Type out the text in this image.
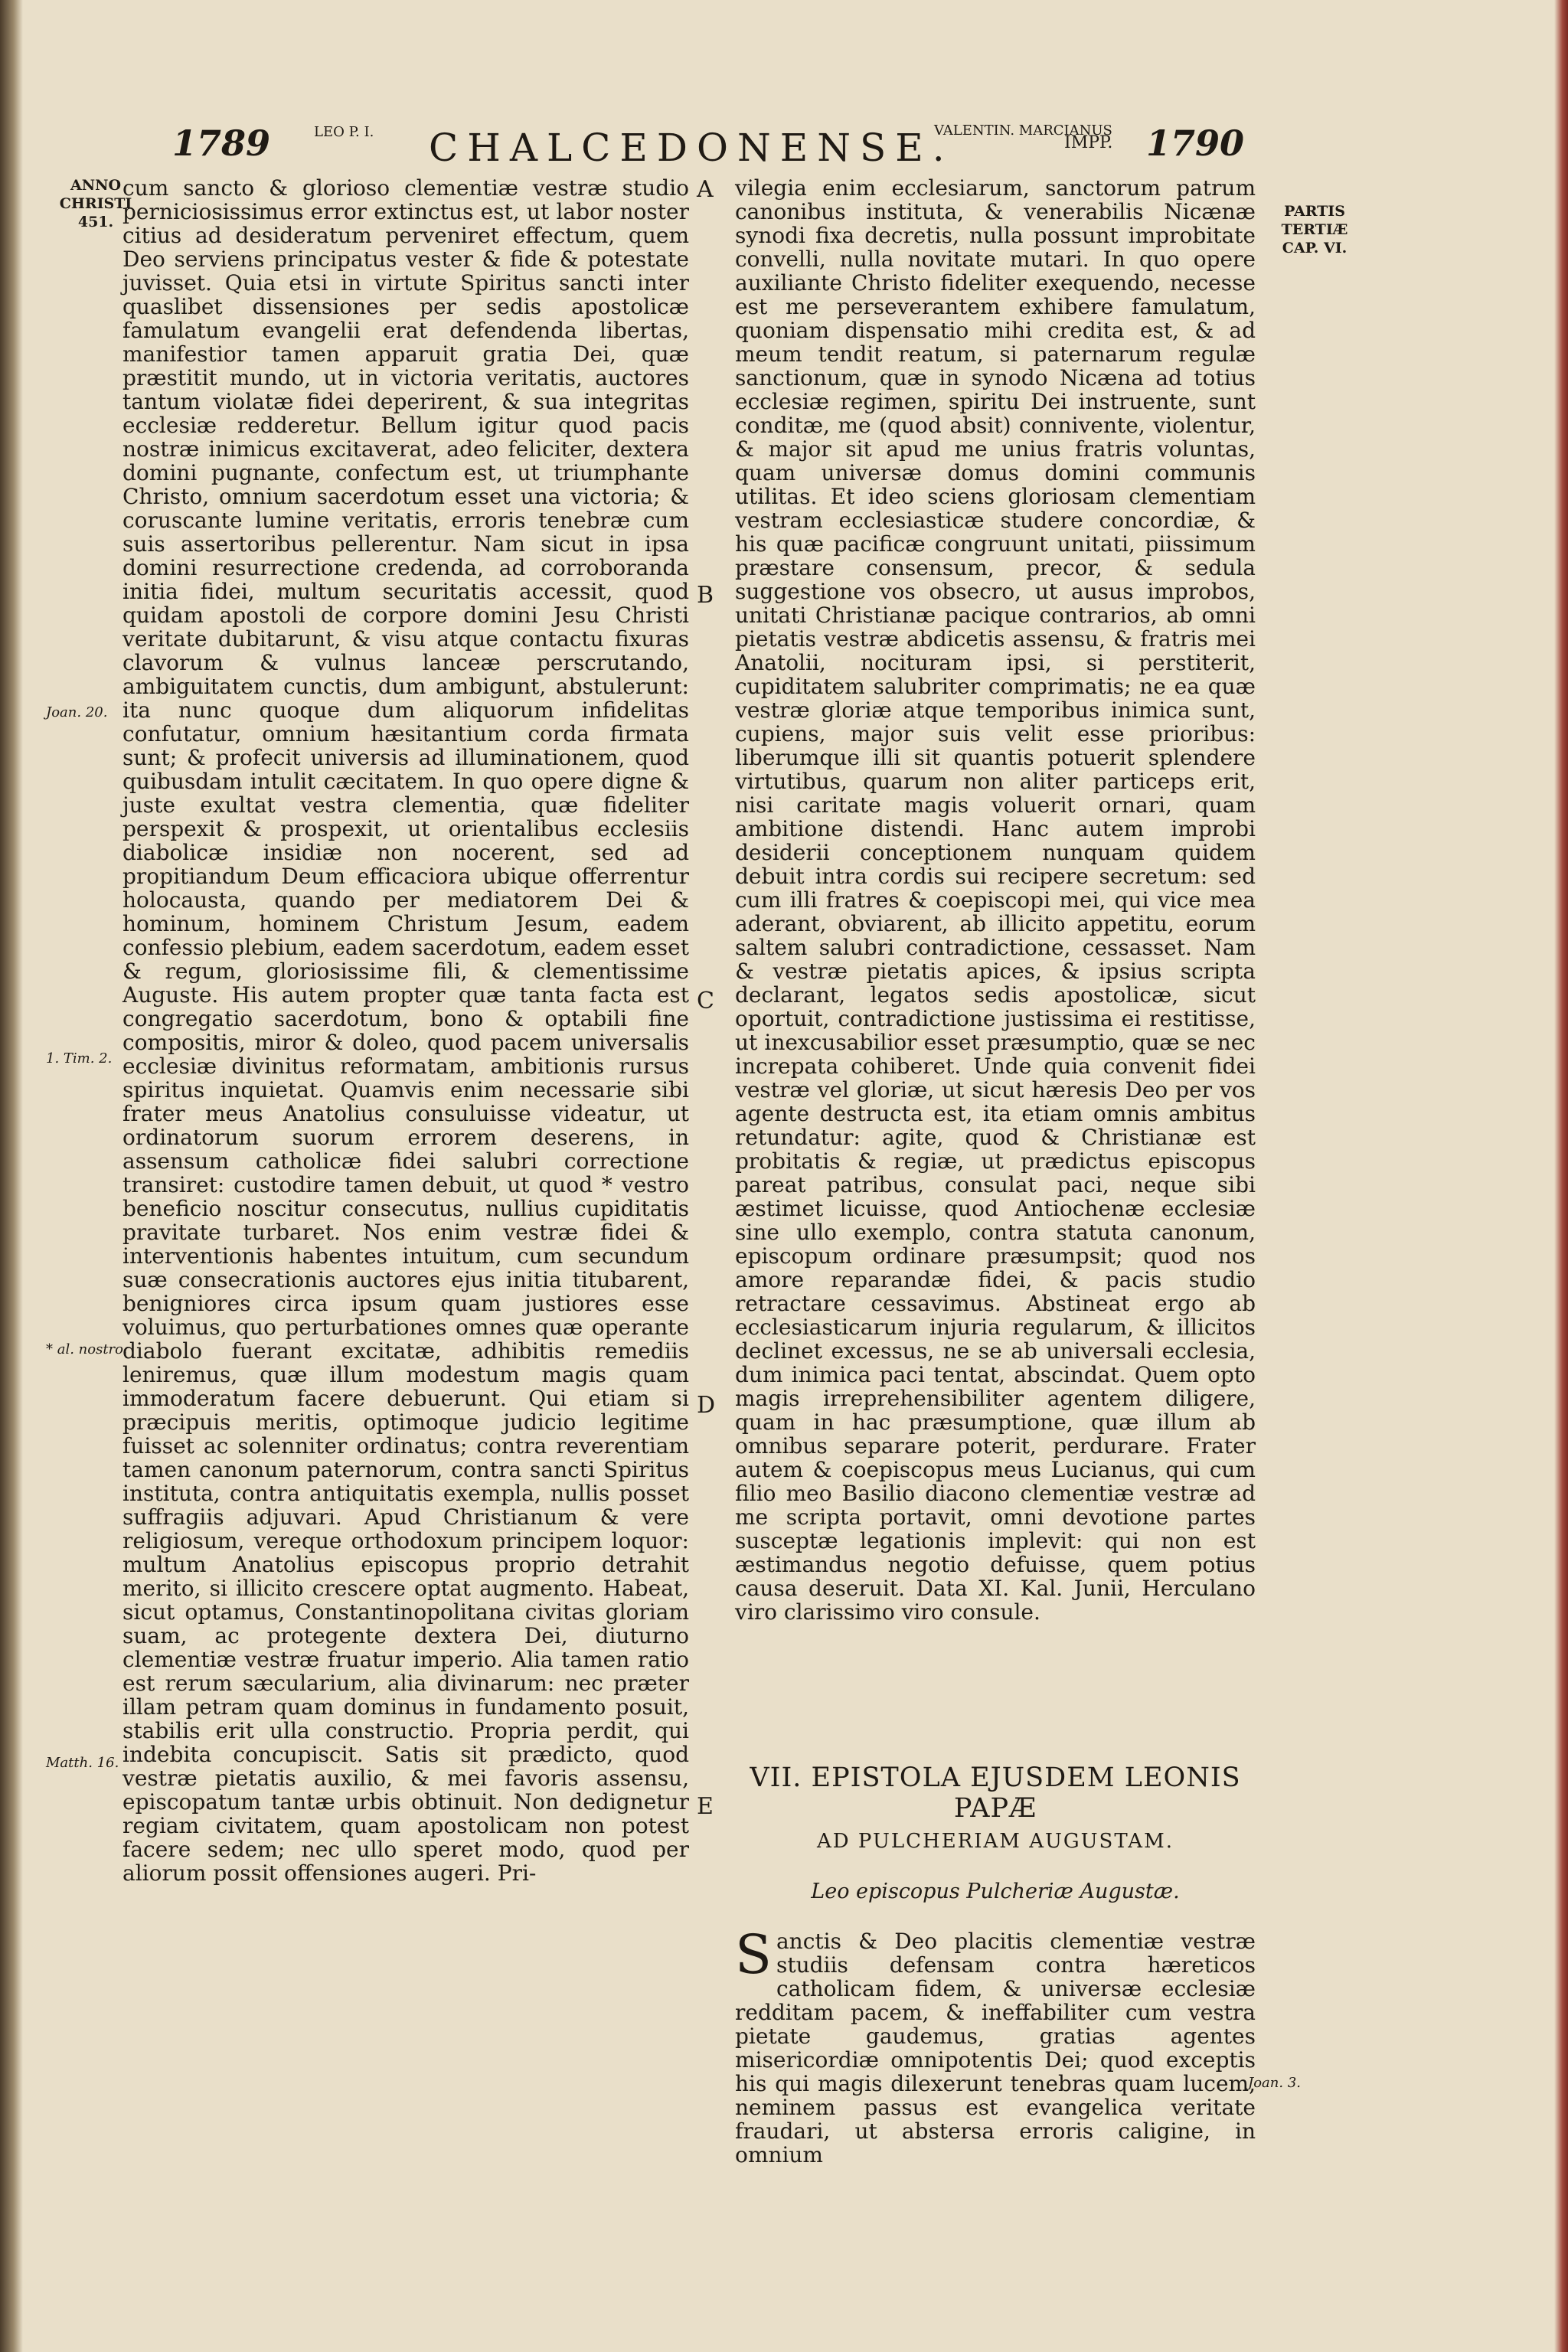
1789	LEO P. I. CHALCEDONENSE.
VALENTIN. MARCIANUS
IMPP. 1790
ANNO CHRISTI 451.
Joan. 20.
1. Tim. 2.
* al. nostro.
Matth. 16.
PARTIS TERTIÆ CAP. VI.
Joan. 3.
A
B
C
D
E

cum sancto & glorioso clementiæ vestræ studio perniciosissimus error extinctus est, ut labor noster citius ad desideratum perveniret effectum, quem Deo serviens principatus vester & fide & potestate juvisset. Quia etsi in virtute Spiritus sancti inter quaslibet dissensiones per sedis apostolicæ famulatum evangelii erat defendenda libertas, manifestior tamen apparuit gratia Dei, quæ præstitit mundo, ut in victoria veritatis, auctores tantum violatæ fidei deperirent, & sua integritas ecclesiæ redderetur. Bellum igitur quod pacis nostræ inimicus excitaverat, adeo feliciter, dextera domini pugnante, confectum est, ut triumphante Christo, omnium sacerdotum esset una victoria; & coruscante lumine veritatis, erroris tenebræ cum suis assertoribus pellerentur. Nam sicut in ipsa domini resurrectione credenda, ad corroboranda initia fidei, multum securitatis accessit, quod quidam apostoli de corpore domini Jesu Christi veritate dubitarunt, & visu atque contactu fixuras clavorum & vulnus lanceæ perscrutando, ambiguitatem cunctis, dum ambigunt, abstulerunt: ita nunc quoque dum aliquorum infidelitas confutatur, omnium hæsitantium corda firmata sunt; & profecit universis ad illuminationem, quod quibusdam intulit cæcitatem. In quo opere digne & juste exultat vestra clementia, quæ fideliter perspexit & prospexit, ut orientalibus ecclesiis diabolicæ insidiæ non nocerent, sed ad propitiandum Deum efficaciora ubique offerrentur holocausta, quando per mediatorem Dei & hominum, hominem Christum Jesum, eadem confessio plebium, eadem sacerdotum, eadem esset & regum, gloriosissime fili, & clementissime Auguste. His autem propter quæ tanta facta est congregatio sacerdotum, bono & optabili fine compositis, miror & doleo, quod pacem universalis ecclesiæ divinitus reformatam, ambitionis rursus spiritus inquietat. Quamvis enim necessarie sibi frater meus Anatolius consuluisse videatur, ut ordinatorum suorum errorem deserens, in assensum catholicæ fidei salubri correctione transiret: custodire tamen debuit, ut quod * vestro beneficio noscitur consecutus, nullius cupiditatis pravitate turbaret. Nos enim vestræ fidei & interventionis habentes intuitum, cum secundum suæ consecrationis auctores ejus initia titubarent, benigniores circa ipsum quam justiores esse voluimus, quo perturbationes omnes quæ operante diabolo fuerant excitatæ, adhibitis remediis leniremus, quæ illum modestum magis quam immoderatum facere debuerunt. Qui etiam si præcipuis meritis, optimoque judicio legitime fuisset ac solenniter ordinatus; contra reverentiam tamen canonum paternorum, contra sancti Spiritus instituta, contra antiquitatis exempla, nullis posset suffragiis adjuvari. Apud Christianum & vere religiosum, vereque orthodoxum principem loquor: multum Anatolius episcopus proprio detrahit merito, si illicito crescere optat augmento. Habeat, sicut optamus, Constantinopolitana civitas gloriam suam, ac protegente dextera Dei, diuturno clementiæ vestræ fruatur imperio. Alia tamen ratio est rerum sæcularium, alia divinarum: nec præter illam petram quam dominus in fundamento posuit, stabilis erit ulla constructio. Propria perdit, qui indebita concupiscit. Satis sit prædicto, quod vestræ pietatis auxilio, & mei favoris assensu, episcopatum tantæ urbis obtinuit. Non dedignetur regiam civitatem, quam apostolicam non potest facere sedem; nec ullo speret modo, quod per aliorum possit offensiones augeri. Pri-

vilegia enim ecclesiarum, sanctorum patrum canonibus instituta, & venerabilis Nicænæ synodi fixa decretis, nulla possunt improbitate convelli, nulla novitate mutari. In quo opere auxiliante Christo fideliter exequendo, necesse est me perseverantem exhibere famulatum, quoniam dispensatio mihi credita est, & ad meum tendit reatum, si paternarum regulæ sanctionum, quæ in synodo Nicæna ad totius ecclesiæ regimen, spiritu Dei instruente, sunt conditæ, me (quod absit) connivente, violentur, & major sit apud me unius fratris voluntas, quam universæ domus domini communis utilitas. Et ideo sciens gloriosam clementiam vestram ecclesiasticæ studere concordiæ, & his quæ pacificæ congruunt unitati, piissimum præstare consensum, precor, & sedula suggestione vos obsecro, ut ausus improbos, unitati Christianæ pacique contrarios, ab omni pietatis vestræ abdicetis assensu, & fratris mei Anatolii, nocituram ipsi, si perstiterit, cupiditatem salubriter comprimatis; ne ea quæ vestræ gloriæ atque temporibus inimica sunt, cupiens, major suis velit esse prioribus: liberumque illi sit quantis potuerit splendere virtutibus, quarum non aliter particeps erit, nisi caritate magis voluerit ornari, quam ambitione distendi. Hanc autem improbi desiderii conceptionem nunquam quidem debuit intra cordis sui recipere secretum: sed cum illi fratres & coepiscopi mei, qui vice mea aderant, obviarent, ab illicito appetitu, eorum saltem salubri contradictione, cessasset. Nam & vestræ pietatis apices, & ipsius scripta declarant, legatos sedis apostolicæ, sicut oportuit, contradictione justissima ei restitisse, ut inexcusabilior esset præsumptio, quæ se nec increpata cohiberet. Unde quia convenit fidei vestræ vel gloriæ, ut sicut hæresis Deo per vos agente destructa est, ita etiam omnis ambitus retundatur: agite, quod & Christianæ est probitatis & regiæ, ut prædictus episcopus pareat patribus, consulat paci, neque sibi æstimet licuisse, quod Antiochenæ ecclesiæ sine ullo exemplo, contra statuta canonum, episcopum ordinare præsumpsit; quod nos amore reparandæ fidei, & pacis studio retractare cessavimus. Abstineat ergo ab ecclesiasticarum injuria regularum, & illicitos declinet excessus, ne se ab universali ecclesia, dum inimica paci tentat, abscindat. Quem opto magis irreprehensibiliter agentem diligere, quam in hac præsumptione, quæ illum ab omnibus separare poterit, perdurare. Frater autem & coepiscopus meus Lucianus, qui cum filio meo Basilio diacono clementiæ vestræ ad me scripta portavit, omni devotione partes susceptæ legationis implevit: qui non est æstimandus negotio defuisse, quem potius causa deseruit. Data XI. Kal. Junii, Herculano viro clarissimo viro consule.

VII. EPISTOLA EJUSDEM LEONIS PAPÆ
AD PULCHERIAM AUGUSTAM.
Leo episcopus Pulcheriæ Augustæ.
S anctis & Deo placitis clementiæ vestræ studiis defensam contra hæreticos catholicam fidem, & universæ ecclesiæ redditam pacem, & ineffabiliter cum vestra pietate gaudemus, gratias agentes misericordiæ omnipotentis Dei; quod exceptis his qui magis dilexerunt tenebras quam lucem, neminem passus est evangelica veritate fraudari, ut abstersa erroris caligine, in omnium
